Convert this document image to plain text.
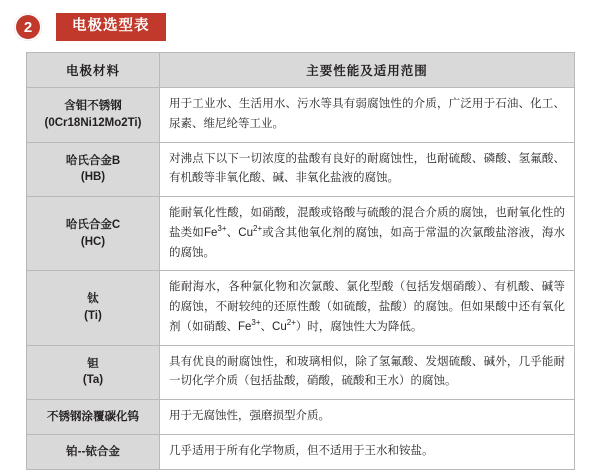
2	电极选型表
电极材料	主要性能及适用范围

含钼不锈钢
(0Cr18Ni12Mo2Ti)	用于工业水、生活用水、污水等具有弱腐蚀性的介质，广泛用于石油、化工、尿素、维尼纶等工业。

哈氏合金B
(HB)	对沸点下以下一切浓度的盐酸有良好的耐腐蚀性，也耐硫酸、磷酸、氢氟酸、有机酸等非氧化酸、碱、非氧化盐液的腐蚀。

哈氏合金C
(HC)	能耐氧化性酸，如硝酸，混酸或铬酸与硫酸的混合介质的腐蚀，也耐氧化性的盐类如$Fe^{3+}$、$Cu^{2+}$或含其他氧化剂的腐蚀，如高于常温的次氯酸盐溶液，海水的腐蚀。

钛
(Ti)	能耐海水，各种氯化物和次氯酸、氯化型酸（包括发烟硝酸）、有机酸、碱等的腐蚀，不耐较纯的还原性酸（如硫酸，盐酸）的腐蚀。但如果酸中还有氧化剂（如硝酸、$Fe^{3+}$、$Cu^{2+}$）时，腐蚀性大为降低。

钽
(Ta)	具有优良的耐腐蚀性，和玻璃相似，除了氢氟酸、发烟硫酸、碱外，几乎能耐一切化学介质（包括盐酸，硝酸，硫酸和王水）的腐蚀。

不锈钢涂覆碳化钨	用于无腐蚀性，强磨损型介质。

铂--铱合金	几乎适用于所有化学物质，但不适用于王水和铵盐。
